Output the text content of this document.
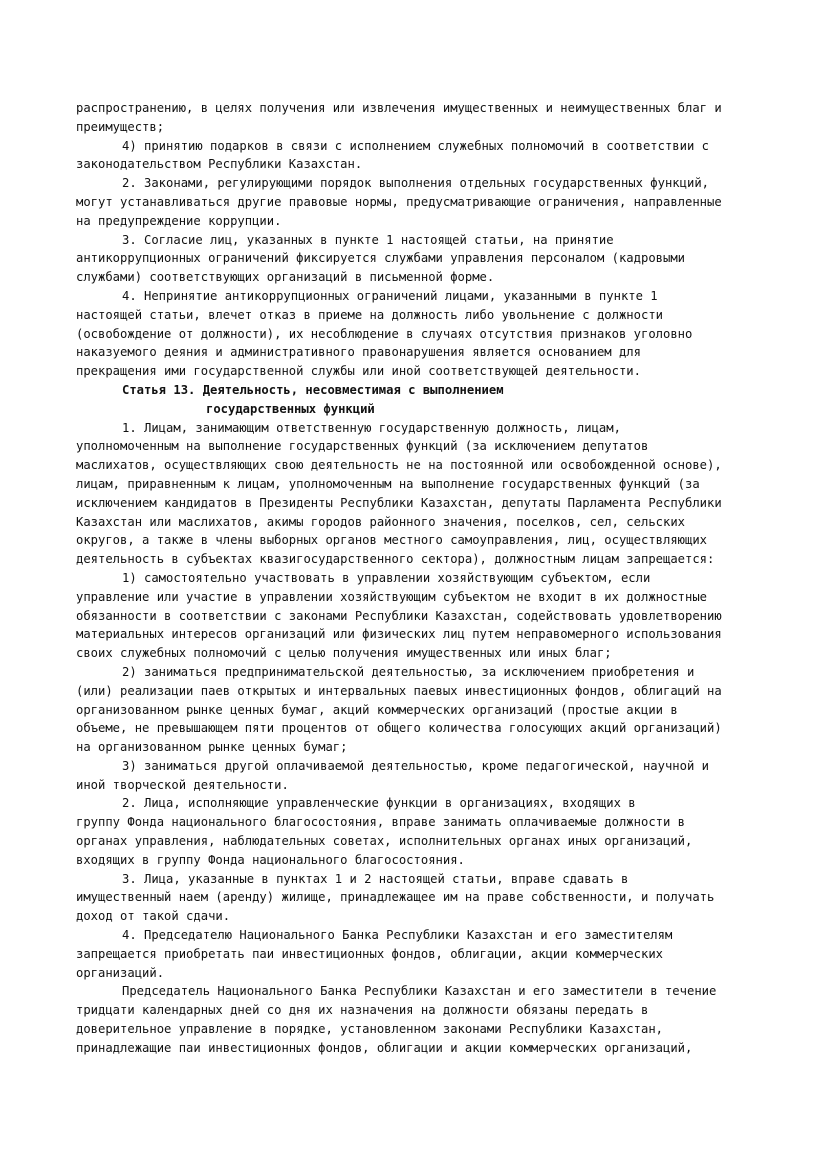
распространению, в целях получения или извлечения имущественных и неимущественных благ и
преимуществ;
4) принятию подарков в связи с исполнением служебных полномочий в соответствии с
законодательством Республики Казахстан.
2. Законами, регулирующими порядок выполнения отдельных государственных функций,
могут устанавливаться другие правовые нормы, предусматривающие ограничения, направленные
на предупреждение коррупции.
3. Согласие лиц, указанных в пункте 1 настоящей статьи, на принятие
антикоррупционных ограничений фиксируется службами управления персоналом (кадровыми
службами) соответствующих организаций в письменной форме.
4. Непринятие антикоррупционных ограничений лицами, указанными в пункте 1
настоящей статьи, влечет отказ в приеме на должность либо увольнение с должности
(освобождение от должности), их несоблюдение в случаях отсутствия признаков уголовно
наказуемого деяния и административного правонарушения является основанием для
прекращения ими государственной службы или иной соответствующей деятельности.
Статья 13. Деятельность, несовместимая с выполнением
государственных функций
1. Лицам, занимающим ответственную государственную должность, лицам,
уполномоченным на выполнение государственных функций (за исключением депутатов
маслихатов, осуществляющих свою деятельность не на постоянной или освобожденной основе),
лицам, приравненным к лицам, уполномоченным на выполнение государственных функций (за
исключением кандидатов в Президенты Республики Казахстан, депутаты Парламента Республики
Казахстан или маслихатов, акимы городов районного значения, поселков, сел, сельских
округов, а также в члены выборных органов местного самоуправления, лиц, осуществляющих
деятельность в субъектах квазигосударственного сектора), должностным лицам запрещается:
1) самостоятельно участвовать в управлении хозяйствующим субъектом, если
управление или участие в управлении хозяйствующим субъектом не входит в их должностные
обязанности в соответствии с законами Республики Казахстан, содействовать удовлетворению
материальных интересов организаций или физических лиц путем неправомерного использования
своих служебных полномочий с целью получения имущественных или иных благ;
2) заниматься предпринимательской деятельностью, за исключением приобретения и
(или) реализации паев открытых и интервальных паевых инвестиционных фондов, облигаций на
организованном рынке ценных бумаг, акций коммерческих организаций (простые акции в
объеме, не превышающем пяти процентов от общего количества голосующих акций организаций)
на организованном рынке ценных бумаг;
3) заниматься другой оплачиваемой деятельностью, кроме педагогической, научной и
иной творческой деятельности.
2. Лица, исполняющие управленческие функции в организациях, входящих в
группу Фонда национального благосостояния, вправе занимать оплачиваемые должности в
органах управления, наблюдательных советах, исполнительных органах иных организаций,
входящих в группу Фонда национального благосостояния.
3. Лица, указанные в пунктах 1 и 2 настоящей статьи, вправе сдавать в
имущественный наем (аренду) жилище, принадлежащее им на праве собственности, и получать
доход от такой сдачи.
4. Председателю Национального Банка Республики Казахстан и его заместителям
запрещается приобретать паи инвестиционных фондов, облигации, акции коммерческих
организаций.
Председатель Национального Банка Республики Казахстан и его заместители в течение
тридцати календарных дней со дня их назначения на должности обязаны передать в
доверительное управление в порядке, установленном законами Республики Казахстан,
принадлежащие паи инвестиционных фондов, облигации и акции коммерческих организаций,
